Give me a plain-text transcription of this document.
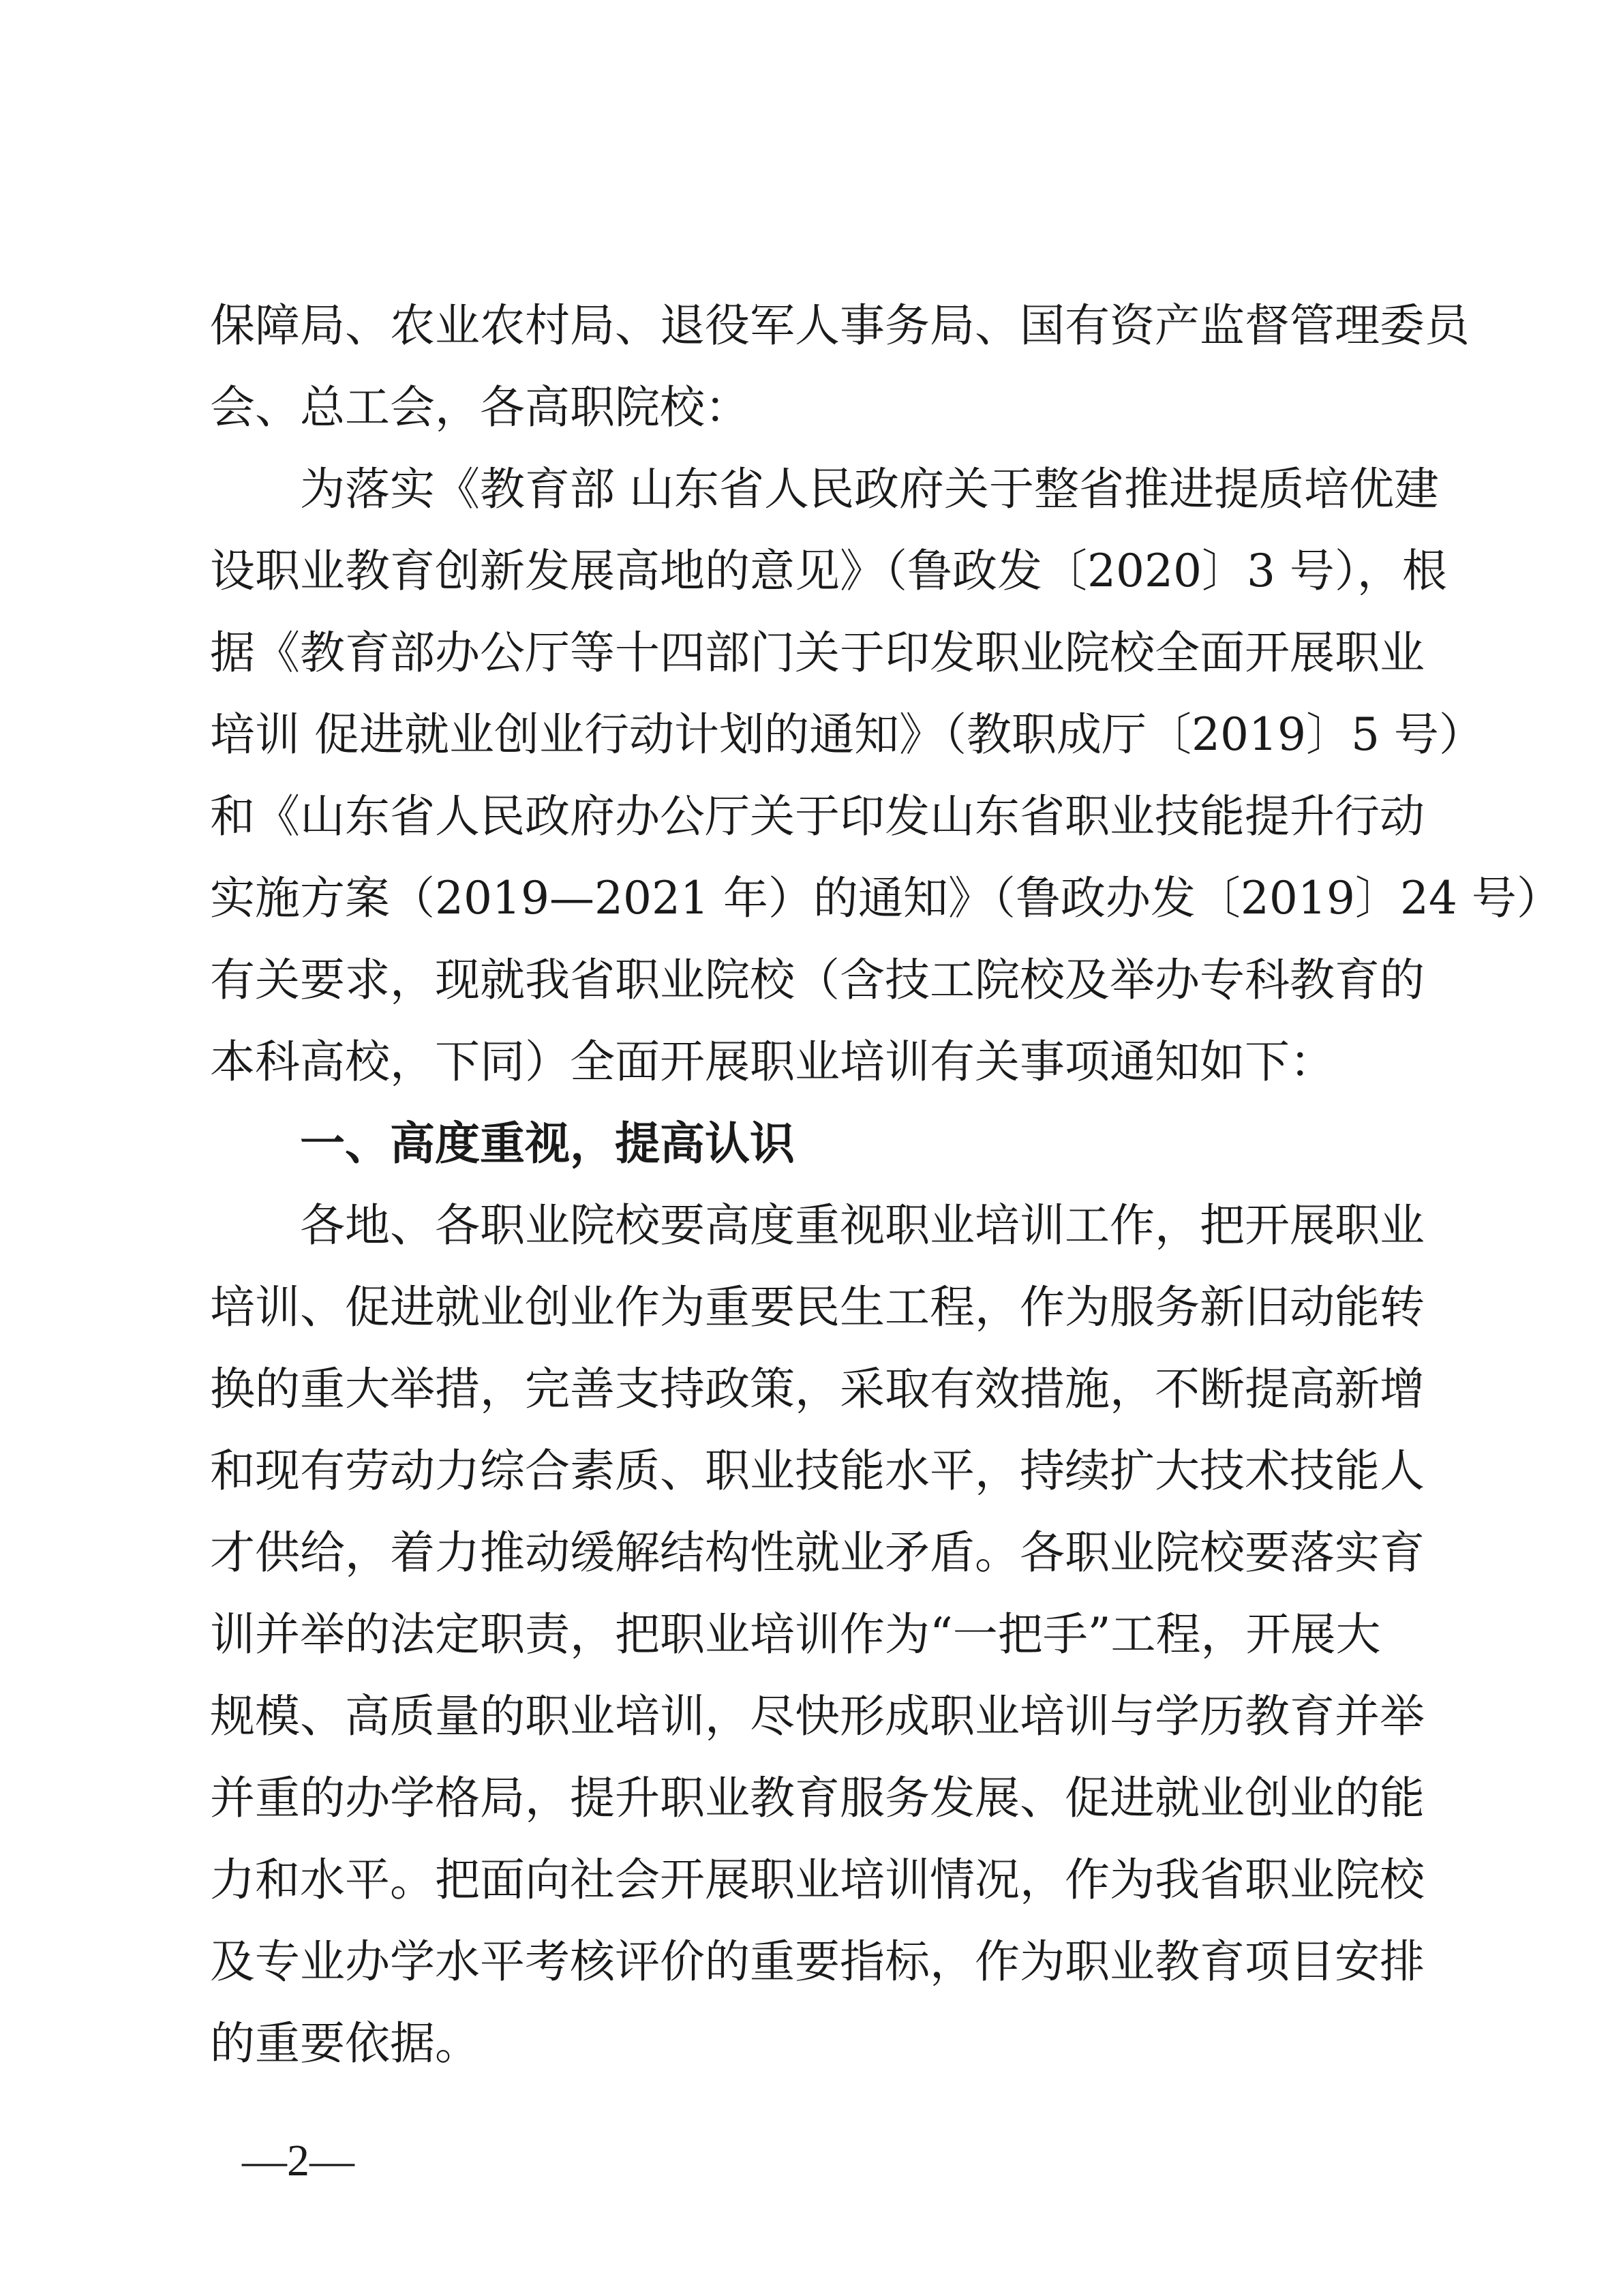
保障局、农业农村局、退役军人事务局、国有资产监督管理委员
会、总工会，各高职院校：
为落实《教育部 山东省人民政府关于整省推进提质培优建
设职业教育创新发展高地的意见》（鲁政发〔2020〕3 号），根
据《教育部办公厅等十四部门关于印发职业院校全面开展职业
培训 促进就业创业行动计划的通知》（教职成厅〔2019〕5 号）
和《山东省人民政府办公厅关于印发山东省职业技能提升行动
实施方案（2019—2021 年）的通知》（鲁政办发〔2019〕24 号）
有关要求，现就我省职业院校（含技工院校及举办专科教育的
本科高校，下同）全面开展职业培训有关事项通知如下：
一、高度重视，提高认识
各地、各职业院校要高度重视职业培训工作，把开展职业
培训、促进就业创业作为重要民生工程，作为服务新旧动能转
换的重大举措，完善支持政策，采取有效措施，不断提高新增
和现有劳动力综合素质、职业技能水平，持续扩大技术技能人
才供给，着力推动缓解结构性就业矛盾。各职业院校要落实育
训并举的法定职责，把职业培训作为“一把手”工程，开展大
规模、高质量的职业培训，尽快形成职业培训与学历教育并举
并重的办学格局，提升职业教育服务发展、促进就业创业的能
力和水平。把面向社会开展职业培训情况，作为我省职业院校
及专业办学水平考核评价的重要指标，作为职业教育项目安排
的重要依据。
—2—
